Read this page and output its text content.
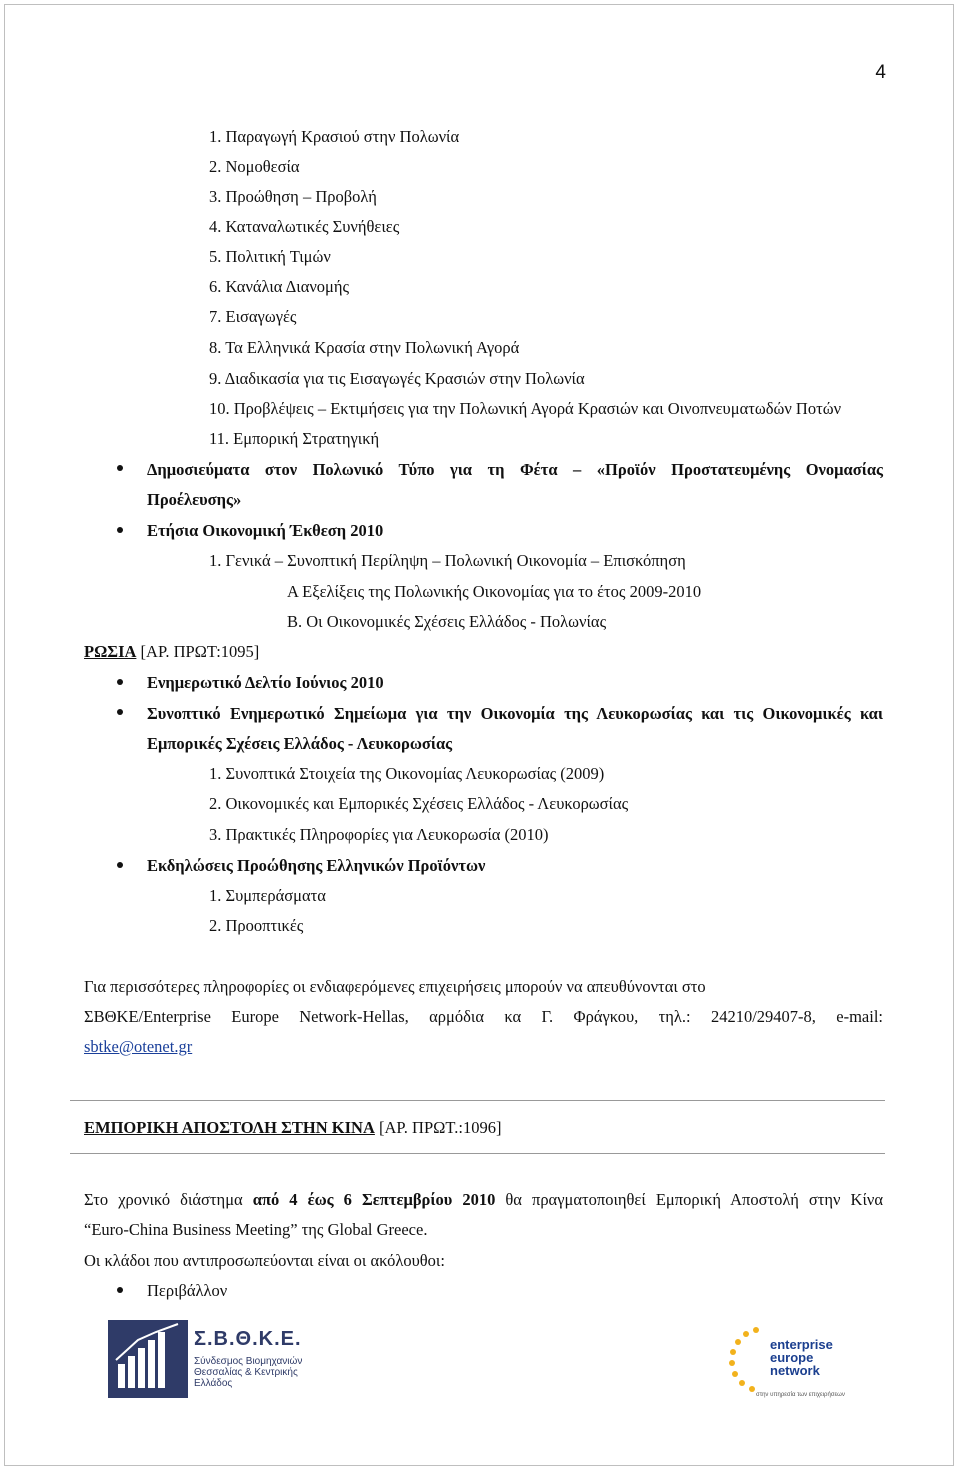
4
1. Παραγωγή Κρασιού στην Πολωνία
2. Νομοθεσία
3. Προώθηση – Προβολή
4. Καταναλωτικές Συνήθειες
5. Πολιτική Τιμών
6. Κανάλια Διανομής
7. Εισαγωγές
8. Τα Ελληνικά Κρασία στην Πολωνική Αγορά
9. Διαδικασία για τις Εισαγωγές Κρασιών στην Πολωνία
10. Προβλέψεις – Εκτιμήσεις για την Πολωνική Αγορά Κρασιών και Οινοπνευματωδών Ποτών
11. Εμπορική Στρατηγική
Δημοσιεύματα στον Πολωνικό Τύπο για τη Φέτα – «Προϊόν Προστατευμένης Ονομασίας
Προέλευσης»
Ετήσια Οικονομική Έκθεση 2010
1. Γενικά – Συνοπτική Περίληψη – Πολωνική Οικονομία – Επισκόπηση
Α Εξελίξεις της Πολωνικής Οικονομίας για το έτος 2009-2010
Β. Οι Οικονομικές Σχέσεις Ελλάδος - Πολωνίας
ΡΩΣΙΑ [ΑΡ. ΠΡΩΤ:1095]
Ενημερωτικό Δελτίο Ιούνιος 2010
Συνοπτικό Ενημερωτικό Σημείωμα για την Οικονομία της Λευκορωσίας και τις Οικονομικές και
Εμπορικές Σχέσεις Ελλάδος - Λευκορωσίας
1. Συνοπτικά Στοιχεία της Οικονομίας Λευκορωσίας (2009)
2. Οικονομικές και Εμπορικές Σχέσεις Ελλάδος - Λευκορωσίας
3. Πρακτικές Πληροφορίες για Λευκορωσία (2010)
Εκδηλώσεις Προώθησης Ελληνικών Προϊόντων
1. Συμπεράσματα
2. Προοπτικές
Για περισσότερες πληροφορίες οι ενδιαφερόμενες επιχειρήσεις μπορούν να απευθύνονται στο
ΣΒΘΚΕ/Enterprise Europe Network-Hellas, αρμόδια κα Γ. Φράγκου, τηλ.: 24210/29407-8, e-mail:
sbtke@otenet.gr
ΕΜΠΟΡΙΚΗ ΑΠΟΣΤΟΛΗ ΣΤΗΝ ΚΙΝΑ [ΑΡ. ΠΡΩΤ.:1096]
Στο χρονικό διάστημα από 4 έως 6 Σεπτεμβρίου 2010 θα πραγματοποιηθεί Εμπορική Αποστολή στην Κίνα
“Euro-China Business Meeting” της Global Greece.
Οι κλάδοι που αντιπροσωπεύονται είναι οι ακόλουθοι:
Περιβάλλον
Σ.Β.Θ.Κ.Ε.
Σύνδεσμος Βιομηχανιών Θεσσαλίας & Κεντρικής Ελλάδος
enterprise
europe
network
στην υπηρεσία των επιχειρήσεων
